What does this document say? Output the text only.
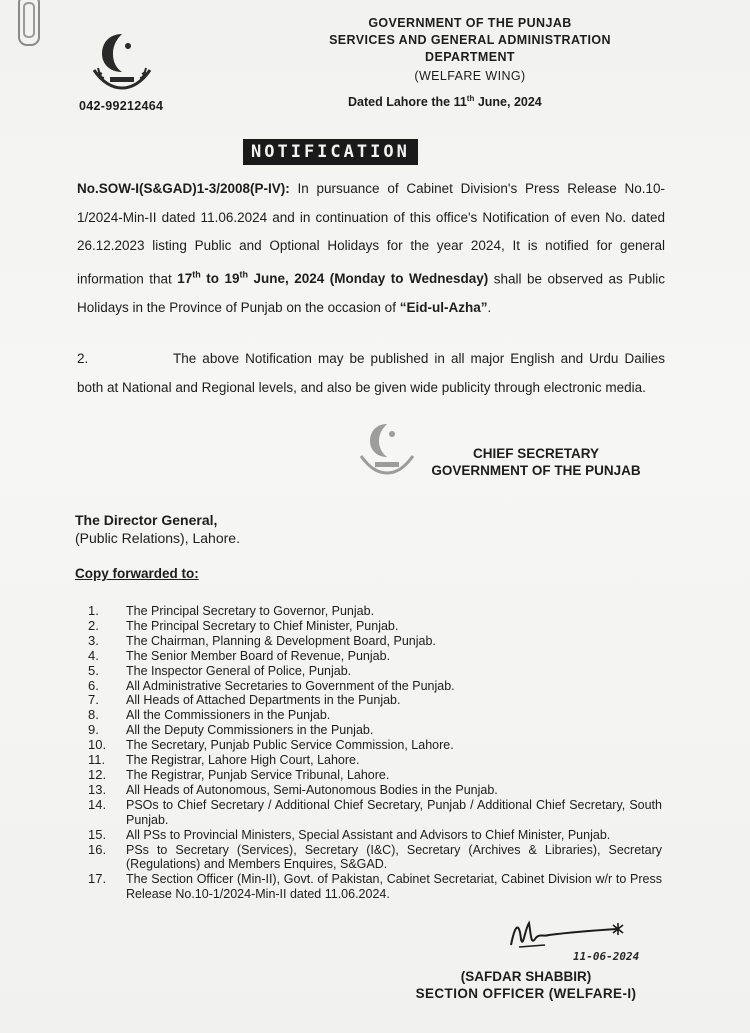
042-99212464
GOVERNMENT OF THE PUNJAB
SERVICES AND GENERAL ADMINISTRATION
DEPARTMENT
(WELFARE WING)
Dated Lahore the 11th June, 2024
NOTIFICATION

No.SOW-I(S&GAD)1-3/2008(P-IV): In pursuance of Cabinet Division's Press Release No.10-1/2024-Min-II dated 11.06.2024 and in continuation of this office's Notification of even No. dated 26.12.2023 listing Public and Optional Holidays for the year 2024, It is notified for general information that 17th to 19th June, 2024 (Monday to Wednesday) shall be observed as Public Holidays in the Province of Punjab on the occasion of “Eid-ul-Azha”.

2.	The above Notification may be published in all major English and Urdu Dailies both at National and Regional levels, and also be given wide publicity through electronic media.

CHIEF SECRETARY
GOVERNMENT OF THE PUNJAB
The Director General,
(Public Relations), Lahore.
Copy forwarded to:
1.	The Principal Secretary to Governor, Punjab.
2.	The Principal Secretary to Chief Minister, Punjab.
3.	The Chairman, Planning & Development Board, Punjab.
4.	The Senior Member Board of Revenue, Punjab.
5.	The Inspector General of Police, Punjab.
6.	All Administrative Secretaries to Government of the Punjab.
7.	All Heads of Attached Departments in the Punjab.
8.	All the Commissioners in the Punjab.
9.	All the Deputy Commissioners in the Punjab.
10.	The Secretary, Punjab Public Service Commission, Lahore.
11.	The Registrar, Lahore High Court, Lahore.
12.	The Registrar, Punjab Service Tribunal, Lahore.
13.	All Heads of Autonomous, Semi-Autonomous Bodies in the Punjab.
14.	PSOs to Chief Secretary / Additional Chief Secretary, Punjab / Additional Chief Secretary, South Punjab.
15.	All PSs to Provincial Ministers, Special Assistant and Advisors to Chief Minister, Punjab.
16.	PSs to Secretary (Services), Secretary (I&C), Secretary (Archives & Libraries), Secretary (Regulations) and Members Enquires, S&GAD.
17.	The Section Officer (Min-II), Govt. of Pakistan, Cabinet Secretariat, Cabinet Division w/r to Press Release No.10-1/2024-Min-II dated 11.06.2024.
11-06-2024
(SAFDAR SHABBIR)
SECTION OFFICER (WELFARE-I)
